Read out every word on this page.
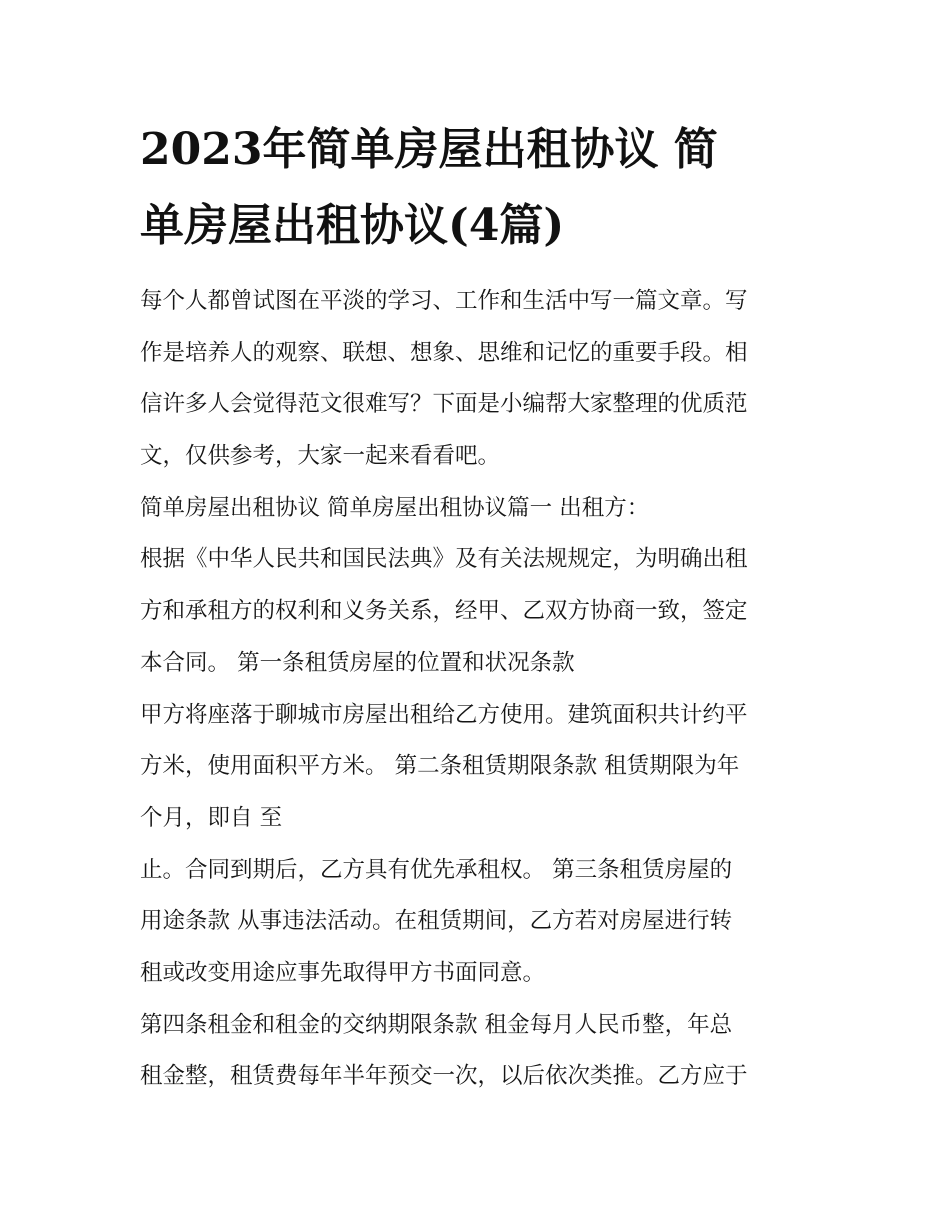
2023年简单房屋出租协议 简
单房屋出租协议(4篇)
每个人都曾试图在平淡的学习、工作和生活中写一篇文章。写
作是培养人的观察、联想、想象、思维和记忆的重要手段。相
信许多人会觉得范文很难写？下面是小编帮大家整理的优质范
文，仅供参考，大家一起来看看吧。
简单房屋出租协议 简单房屋出租协议篇一 出租方：
根据《中华人民共和国民法典》及有关法规规定，为明确出租
方和承租方的权利和义务关系，经甲、乙双方协商一致，签定
本合同。 第一条租赁房屋的位置和状况条款
甲方将座落于聊城市房屋出租给乙方使用。建筑面积共计约平
方米，使用面积平方米。 第二条租赁期限条款 租赁期限为年
个月，即自 至
止。合同到期后，乙方具有优先承租权。 第三条租赁房屋的
用途条款 从事违法活动。在租赁期间，乙方若对房屋进行转
租或改变用途应事先取得甲方书面同意。
第四条租金和租金的交纳期限条款 租金每月人民币整，年总
租金整，租赁费每年半年预交一次，以后依次类推。乙方应于
